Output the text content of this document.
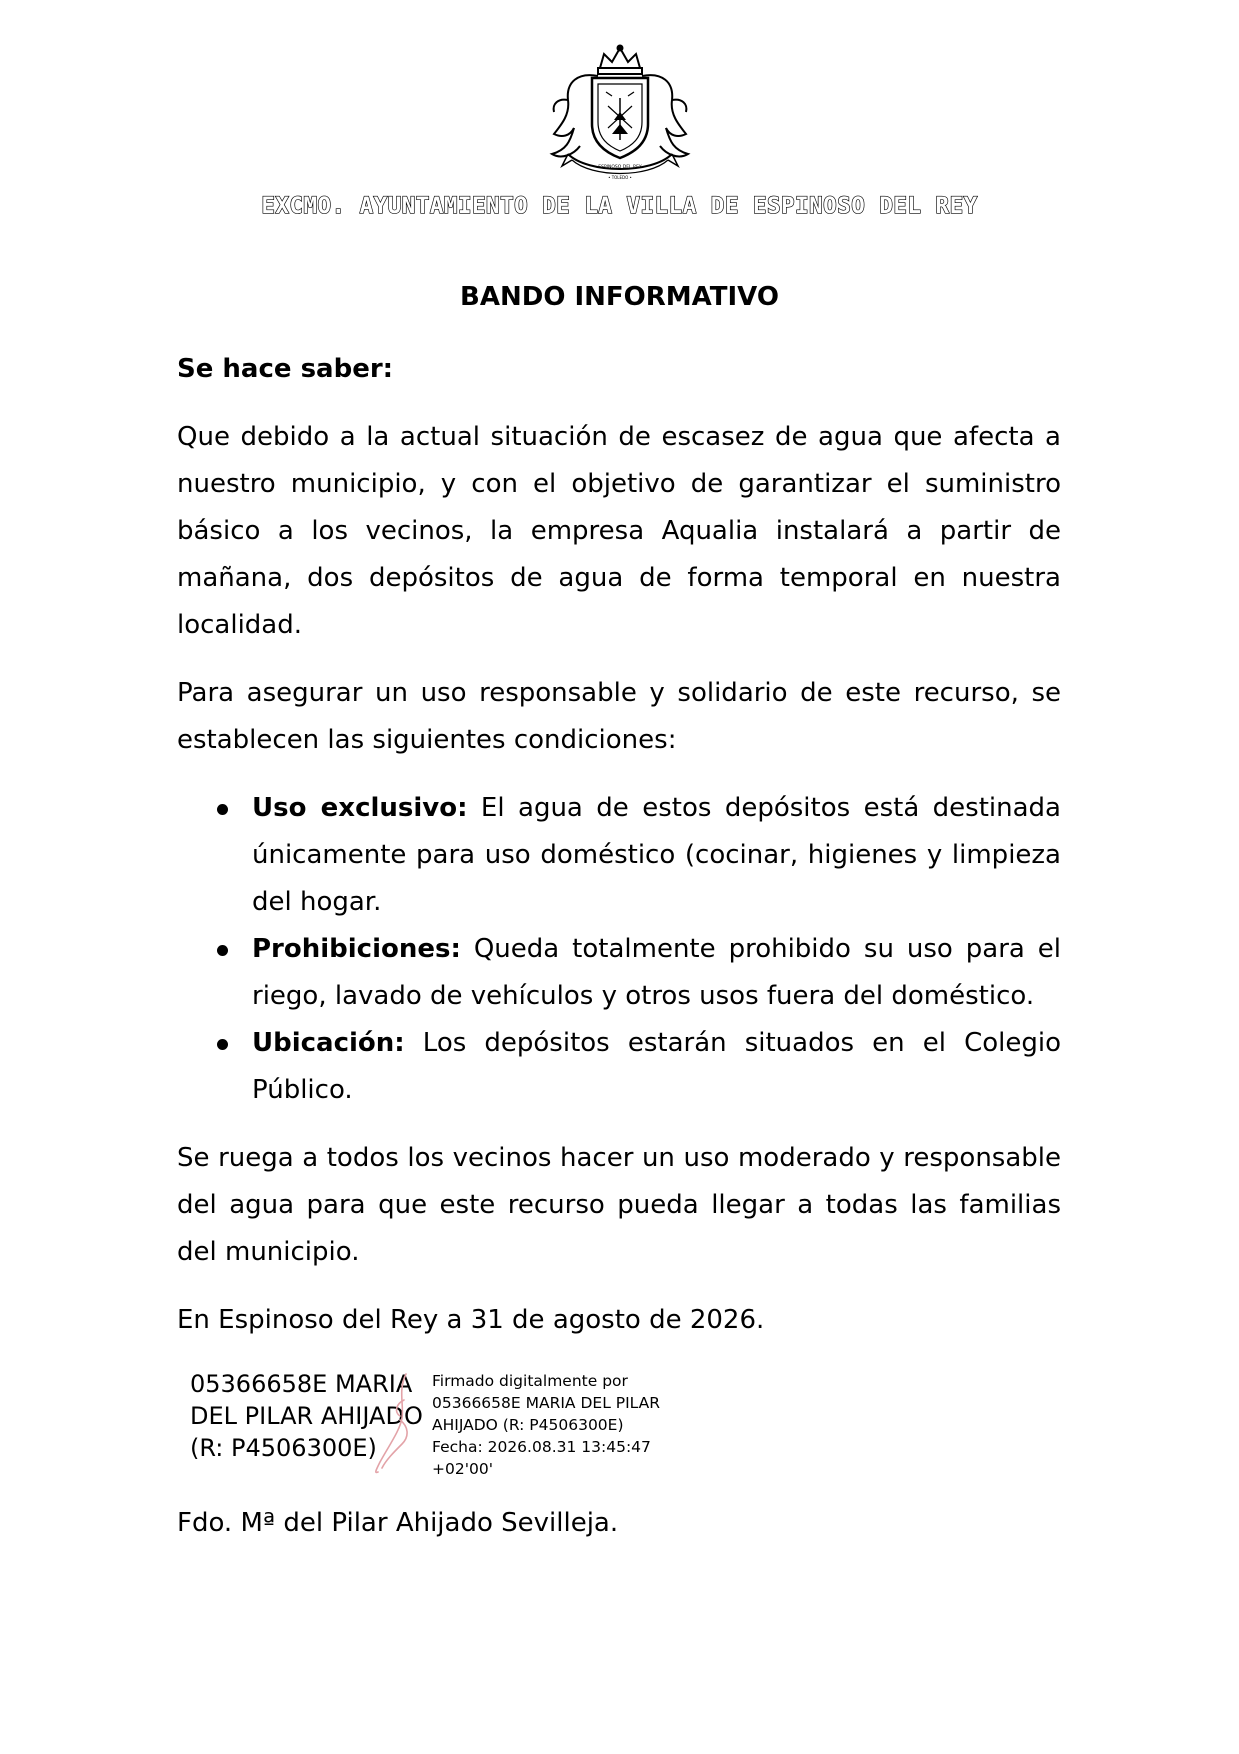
ESPINOSO DEL REY
• TOLEDO •
EXCMO. AYUNTAMIENTO DE LA VILLA DE ESPINOSO DEL REY
BANDO INFORMATIVO

Se hace saber:

Que debido a la actual situación de escasez de agua que afecta a nuestro municipio, y con el objetivo de garantizar el suministro básico a los vecinos, la empresa Aqualia instalará a partir de mañana, dos depósitos de agua de forma temporal en nuestra localidad.

Para asegurar un uso responsable y solidario de este recurso, se establecen las siguientes condiciones:

Uso exclusivo: El agua de estos depósitos está destinada únicamente para uso doméstico (cocinar, higienes y limpieza del hogar.
Prohibiciones: Queda totalmente prohibido su uso para el riego, lavado de vehículos y otros usos fuera del doméstico.
Ubicación: Los depósitos estarán situados en el Colegio Público.

Se ruega a todos los vecinos hacer un uso moderado y responsable del agua para que este recurso pueda llegar a todas las familias del municipio.

En Espinoso del Rey a 31 de agosto de 2026.

05366658E MARIA
DEL PILAR AHIJADO
(R: P4506300E)
Firmado digitalmente por
05366658E MARIA DEL PILAR
AHIJADO (R: P4506300E)
Fecha: 2026.08.31 13:45:47
+02'00'
Fdo. Mª del Pilar Ahijado Sevilleja.
